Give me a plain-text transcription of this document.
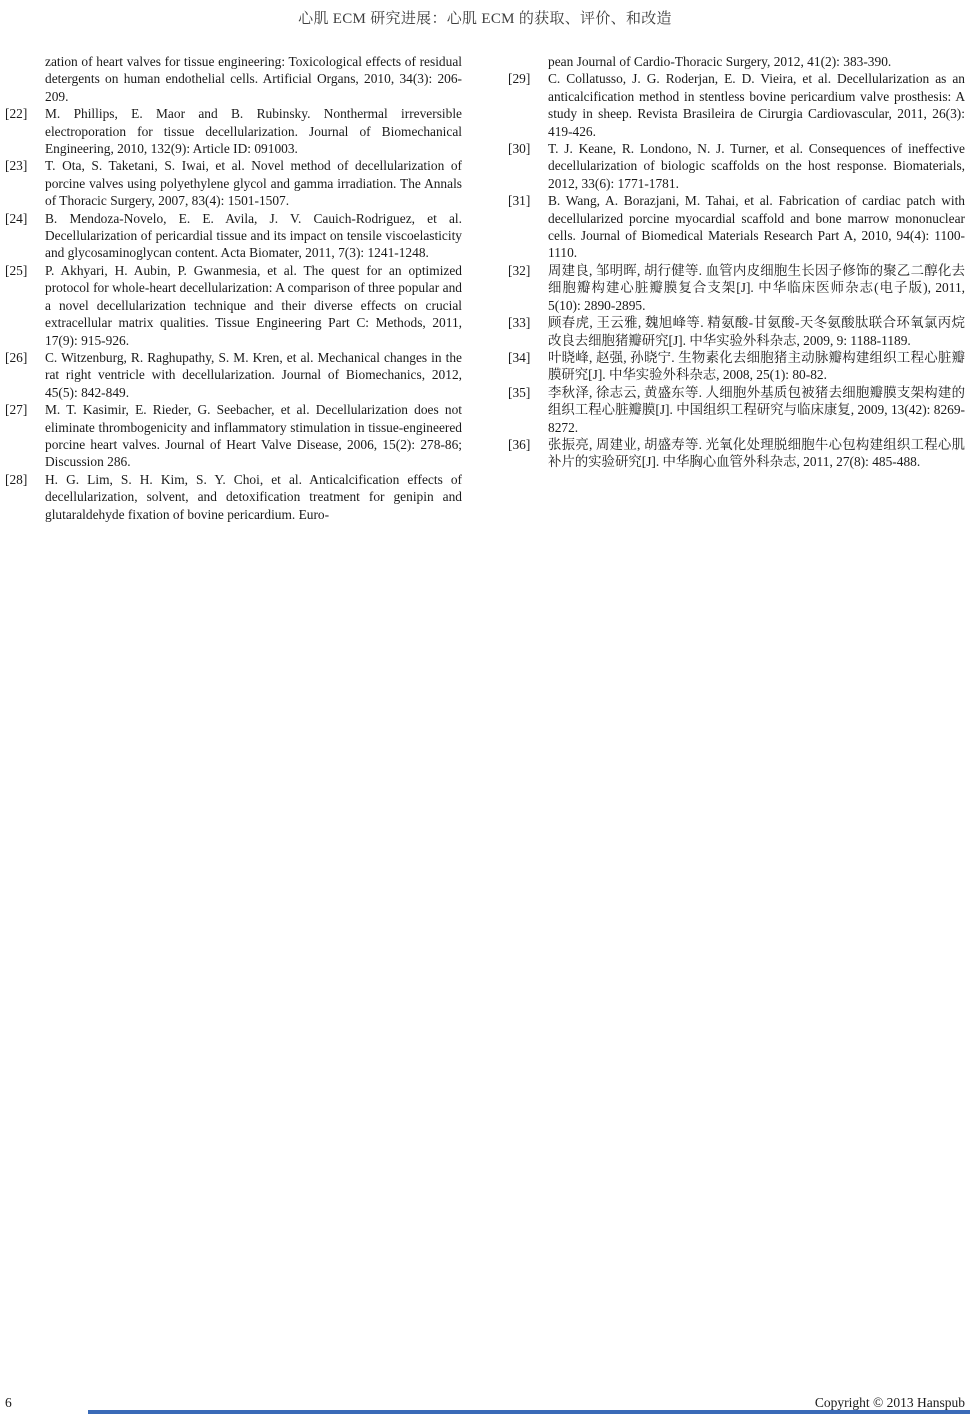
心肌 ECM 研究进展：心肌 ECM 的获取、评价、和改造
zation of heart valves for tissue engineering: Toxicological effects of residual detergents on human endothelial cells. Artificial Organs, 2010, 34(3): 206-209.
[22]	M. Phillips, E. Maor and B. Rubinsky. Nonthermal irreversible electroporation for tissue decellularization. Journal of Biomechanical Engineering, 2010, 132(9): Article ID: 091003.
[23]	T. Ota, S. Taketani, S. Iwai, et al. Novel method of decellularization of porcine valves using polyethylene glycol and gamma irradiation. The Annals of Thoracic Surgery, 2007, 83(4): 1501-1507.
[24]	B. Mendoza-Novelo, E. E. Avila, J. V. Cauich-Rodriguez, et al. Decellularization of pericardial tissue and its impact on tensile viscoelasticity and glycosaminoglycan content. Acta Biomater, 2011, 7(3): 1241-1248.
[25]	P. Akhyari, H. Aubin, P. Gwanmesia, et al. The quest for an optimized protocol for whole-heart decellularization: A comparison of three popular and a novel decellularization technique and their diverse effects on crucial extracellular matrix qualities. Tissue Engineering Part C: Methods, 2011, 17(9): 915-926.
[26]	C. Witzenburg, R. Raghupathy, S. M. Kren, et al. Mechanical changes in the rat right ventricle with decellularization. Journal of Biomechanics, 2012, 45(5): 842-849.
[27]	M. T. Kasimir, E. Rieder, G. Seebacher, et al. Decellularization does not eliminate thrombogenicity and inflammatory stimulation in tissue-engineered porcine heart valves. Journal of Heart Valve Disease, 2006, 15(2): 278-86; Discussion 286.
[28]	H. G. Lim, S. H. Kim, S. Y. Choi, et al. Anticalcification effects of decellularization, solvent, and detoxification treatment for genipin and glutaraldehyde fixation of bovine pericardium. Euro-
pean Journal of Cardio-Thoracic Surgery, 2012, 41(2): 383-390.
[29]	C. Collatusso, J. G. Roderjan, E. D. Vieira, et al. Decellularization as an anticalcification method in stentless bovine pericardium valve prosthesis: A study in sheep. Revista Brasileira de Cirurgia Cardiovascular, 2011, 26(3): 419-426.
[30]	T. J. Keane, R. Londono, N. J. Turner, et al. Consequences of ineffective decellularization of biologic scaffolds on the host response. Biomaterials, 2012, 33(6): 1771-1781.
[31]	B. Wang, A. Borazjani, M. Tahai, et al. Fabrication of cardiac patch with decellularized porcine myocardial scaffold and bone marrow mononuclear cells. Journal of Biomedical Materials Research Part A, 2010, 94(4): 1100-1110.
[32]	周建良, 邹明晖, 胡行健等. 血管内皮细胞生长因子修饰的聚乙二醇化去细胞瓣构建心脏瓣膜复合支架[J]. 中华临床医师杂志(电子版), 2011, 5(10): 2890-2895.
[33]	顾春虎, 王云雅, 魏旭峰等. 精氨酸-甘氨酸-天冬氨酸肽联合环氧氯丙烷改良去细胞猪瓣研究[J]. 中华实验外科杂志, 2009, 9: 1188-1189.
[34]	叶晓峰, 赵强, 孙晓宁. 生物素化去细胞猪主动脉瓣构建组织工程心脏瓣膜研究[J]. 中华实验外科杂志, 2008, 25(1): 80-82.
[35]	李秋泽, 徐志云, 黄盛东等. 人细胞外基质包被猪去细胞瓣膜支架构建的组织工程心脏瓣膜[J]. 中国组织工程研究与临床康复, 2009, 13(42): 8269-8272.
[36]	张振亮, 周建业, 胡盛寿等. 光氧化处理脱细胞牛心包构建组织工程心肌补片的实验研究[J]. 中华胸心血管外科杂志, 2011, 27(8): 485-488.
6	Copyright © 2013 Hanspub
